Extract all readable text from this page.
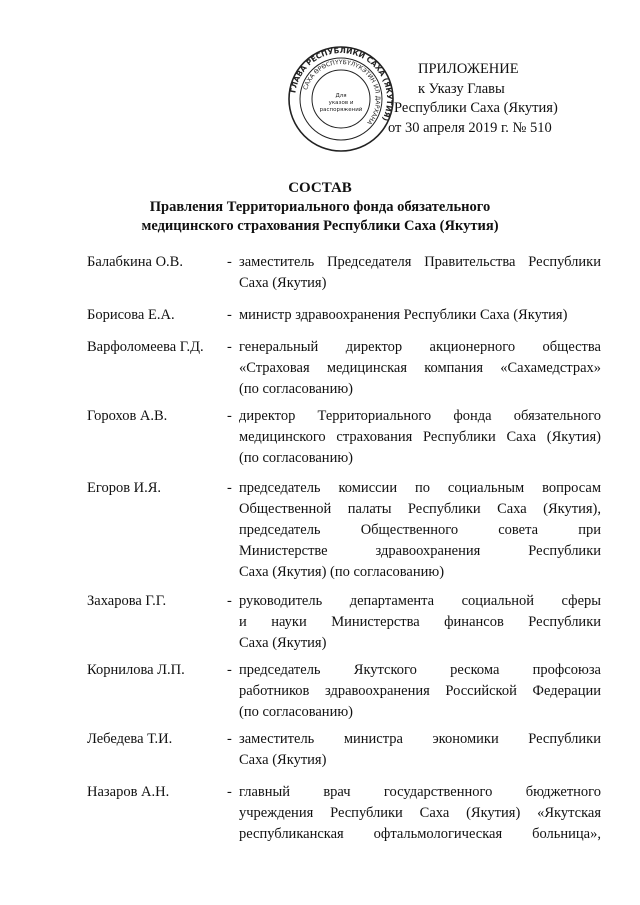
ГЛАВА РЕСПУБЛИКИ САХА (ЯКУТИЯ)
САХА ӨРӨСПҮҮБҮЛҮКЭТИН ИЛ ДАРХАНА
Для
указов и
распоряжений
ПРИЛОЖЕНИЕ
к Указу Главы
Республики Саха (Якутия)
от 30 апреля 2019 г. № 510
СОСТАВ
Правления Территориального фонда обязательного
медицинского страхования Республики Саха (Якутия)
Балабкина О.В.	- заместитель Председателя Правительства Республики
Саха (Якутия)
Борисова Е.А.	- министр здравоохранения Республики Саха (Якутия)
Варфоломеева Г.Д.	- генеральный директор акционерного общества
«Страховая медицинская компания «Сахамедстрах»
(по согласованию)
Горохов А.В.	- директор Территориального фонда обязательного
медицинского страхования Республики Саха (Якутия)
(по согласованию)
Егоров И.Я.	- председатель комиссии по социальным вопросам
Общественной палаты Республики Саха (Якутия),
председатель Общественного совета при
Министерстве здравоохранения Республики
Саха (Якутия) (по согласованию)
Захарова Г.Г.	- руководитель департамента социальной сферы
и науки Министерства финансов Республики
Саха (Якутия)
Корнилова Л.П.	- председатель Якутского рескома профсоюза
работников здравоохранения Российской Федерации
(по согласованию)
Лебедева Т.И.	- заместитель министра экономики Республики
Саха (Якутия)
Назаров А.Н.	- главный врач государственного бюджетного
учреждения Республики Саха (Якутия) «Якутская
республиканская офтальмологическая больница»,
